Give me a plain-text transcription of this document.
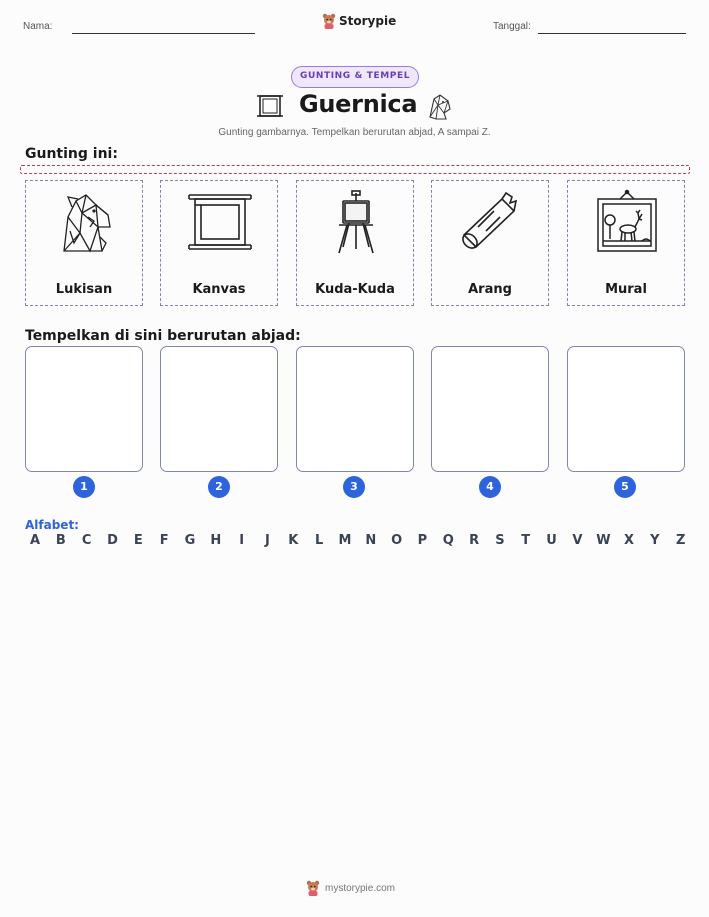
Nama:	Storypie	Tanggal:
GUNTING & TEMPEL
Guernica
Gunting gambarnya. Tempelkan berurutan abjad, A sampai Z.
Gunting ini:
Lukisan	Kanvas	Kuda-Kuda	Arang	Mural
Tempelkan di sini berurutan abjad:
1	2	3	4	5
Alfabet:
A B C D E F G H	I	J	K L M N O P Q R S T U V W X Y Z
mystorypie.com
